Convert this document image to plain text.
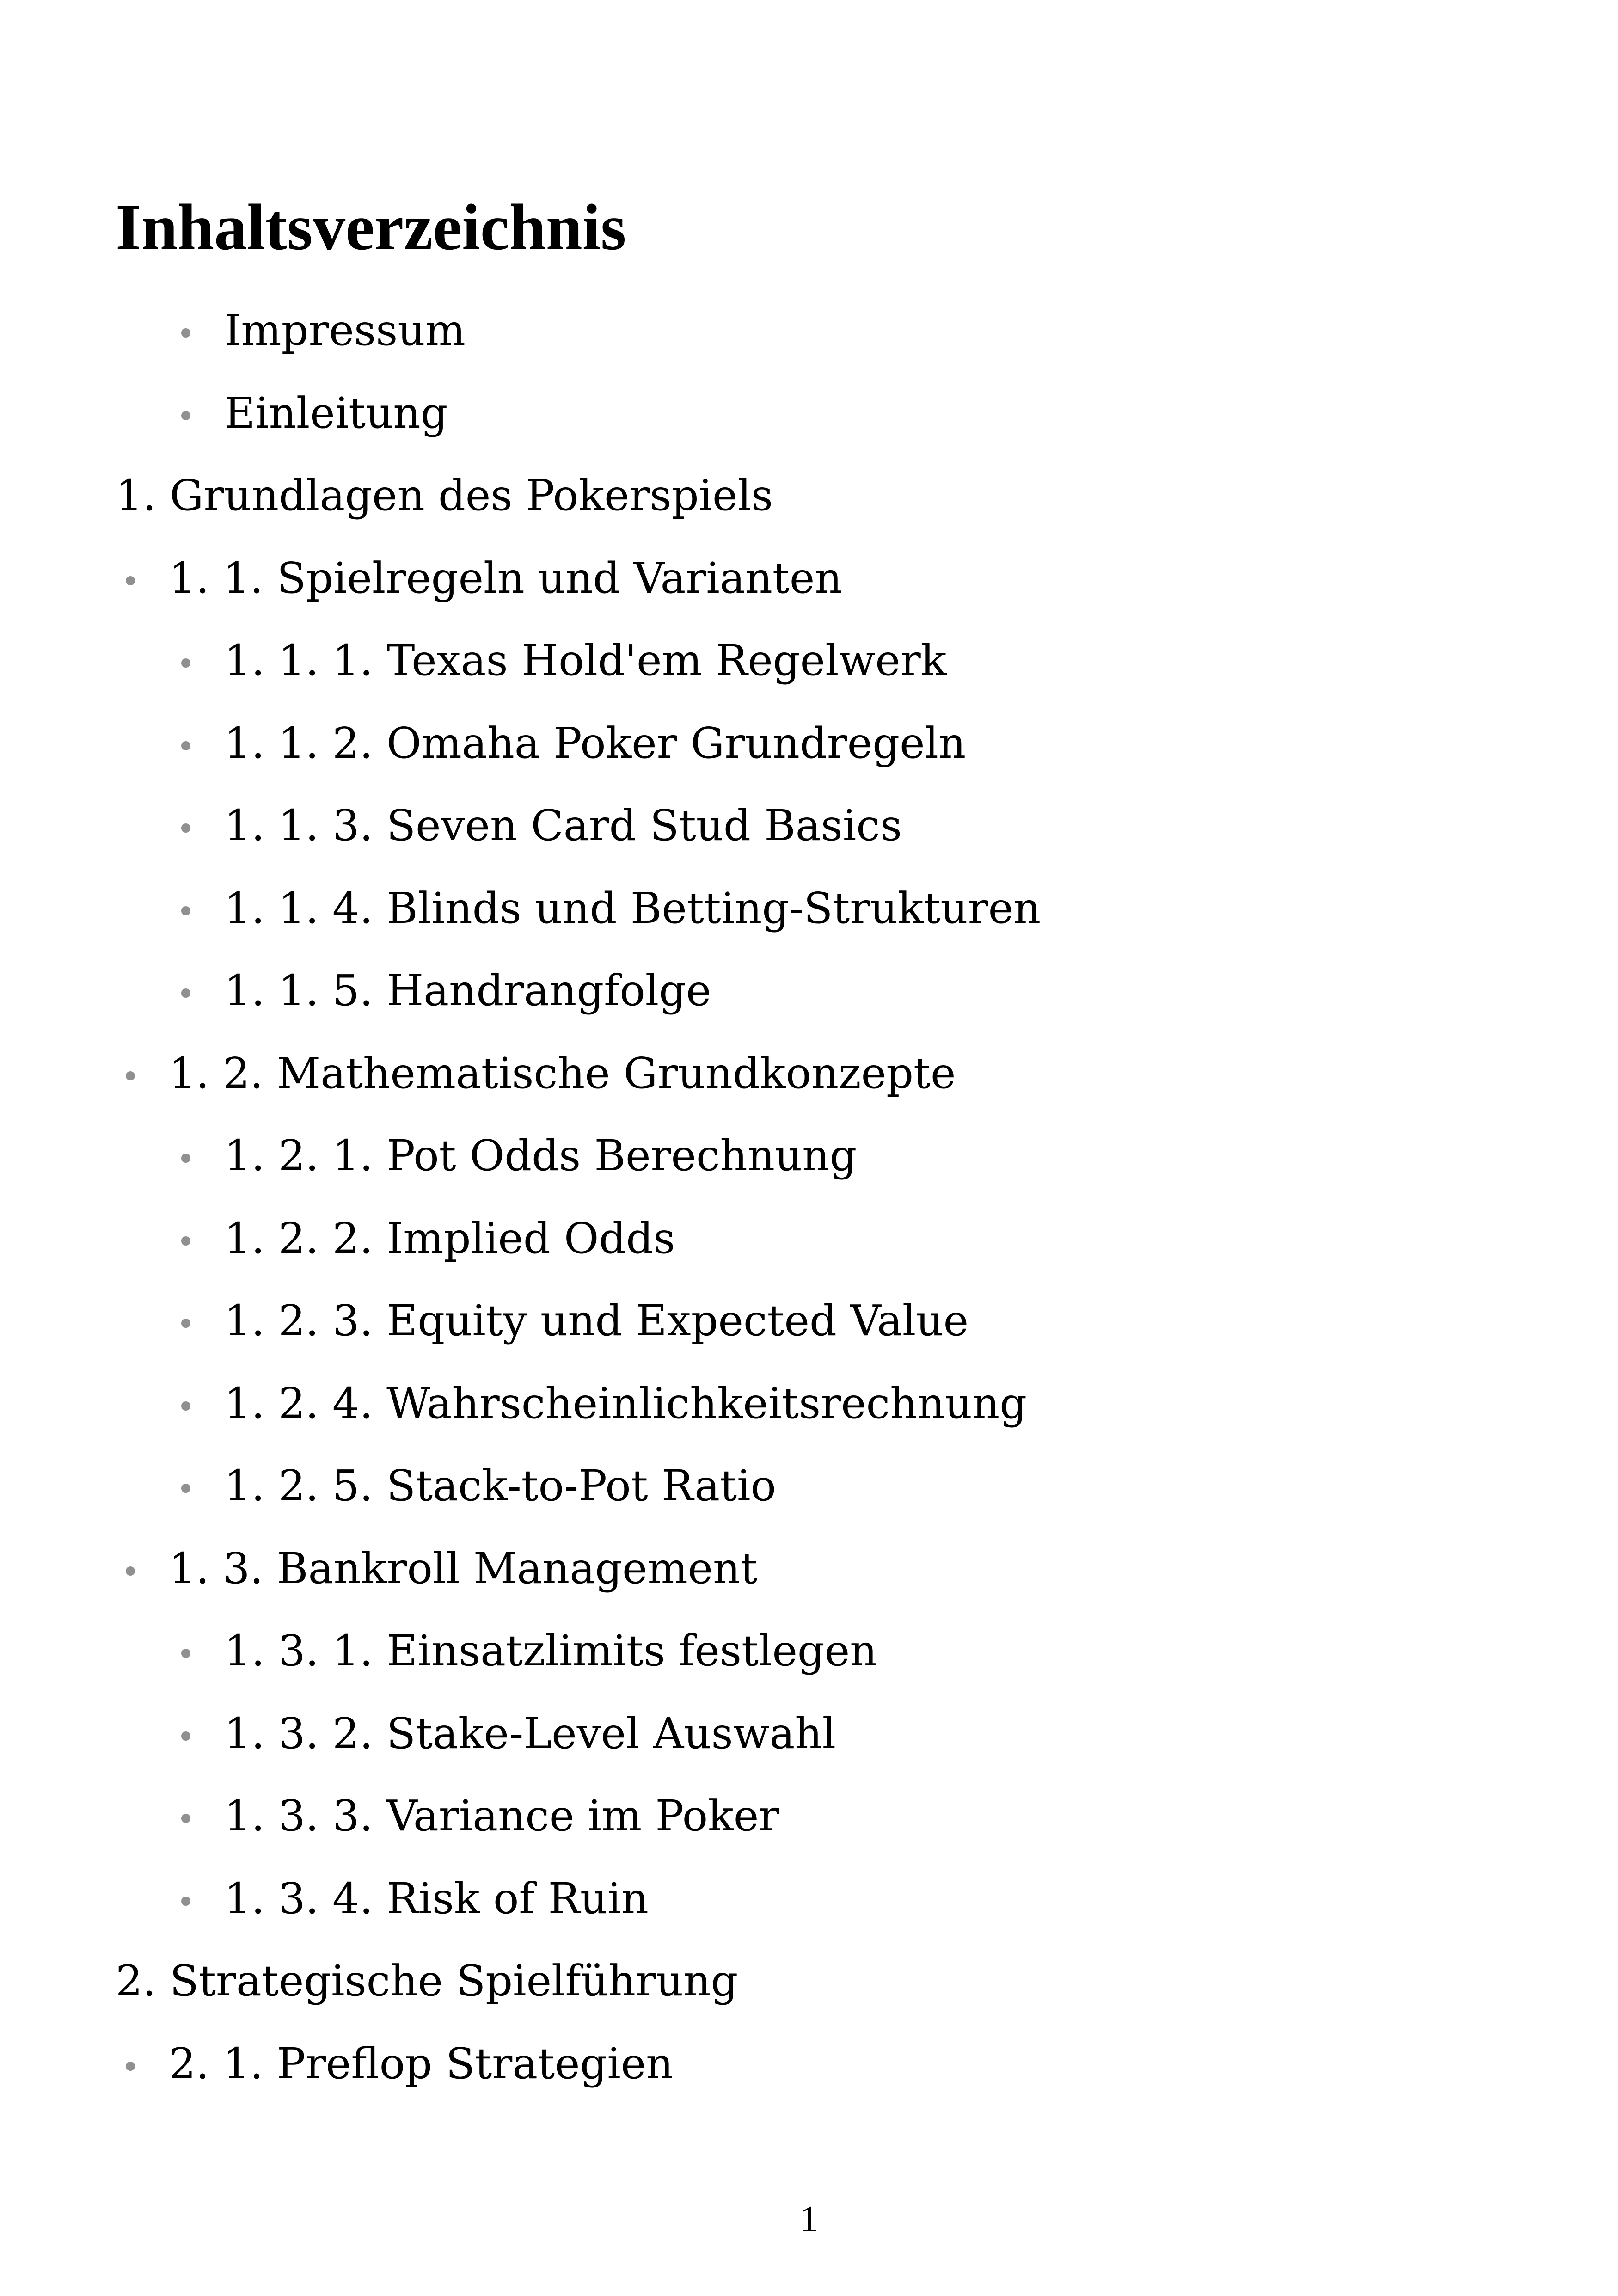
Inhaltsverzeichnis
Impressum
Einleitung
1. Grundlagen des Pokerspiels
1. 1. Spielregeln und Varianten
1. 1. 1. Texas Hold'em Regelwerk
1. 1. 2. Omaha Poker Grundregeln
1. 1. 3. Seven Card Stud Basics
1. 1. 4. Blinds und Betting-Strukturen
1. 1. 5. Handrangfolge
1. 2. Mathematische Grundkonzepte
1. 2. 1. Pot Odds Berechnung
1. 2. 2. Implied Odds
1. 2. 3. Equity und Expected Value
1. 2. 4. Wahrscheinlichkeitsrechnung
1. 2. 5. Stack-to-Pot Ratio
1. 3. Bankroll Management
1. 3. 1. Einsatzlimits festlegen
1. 3. 2. Stake-Level Auswahl
1. 3. 3. Variance im Poker
1. 3. 4. Risk of Ruin
2. Strategische Spielführung
2. 1. Preflop Strategien
1
